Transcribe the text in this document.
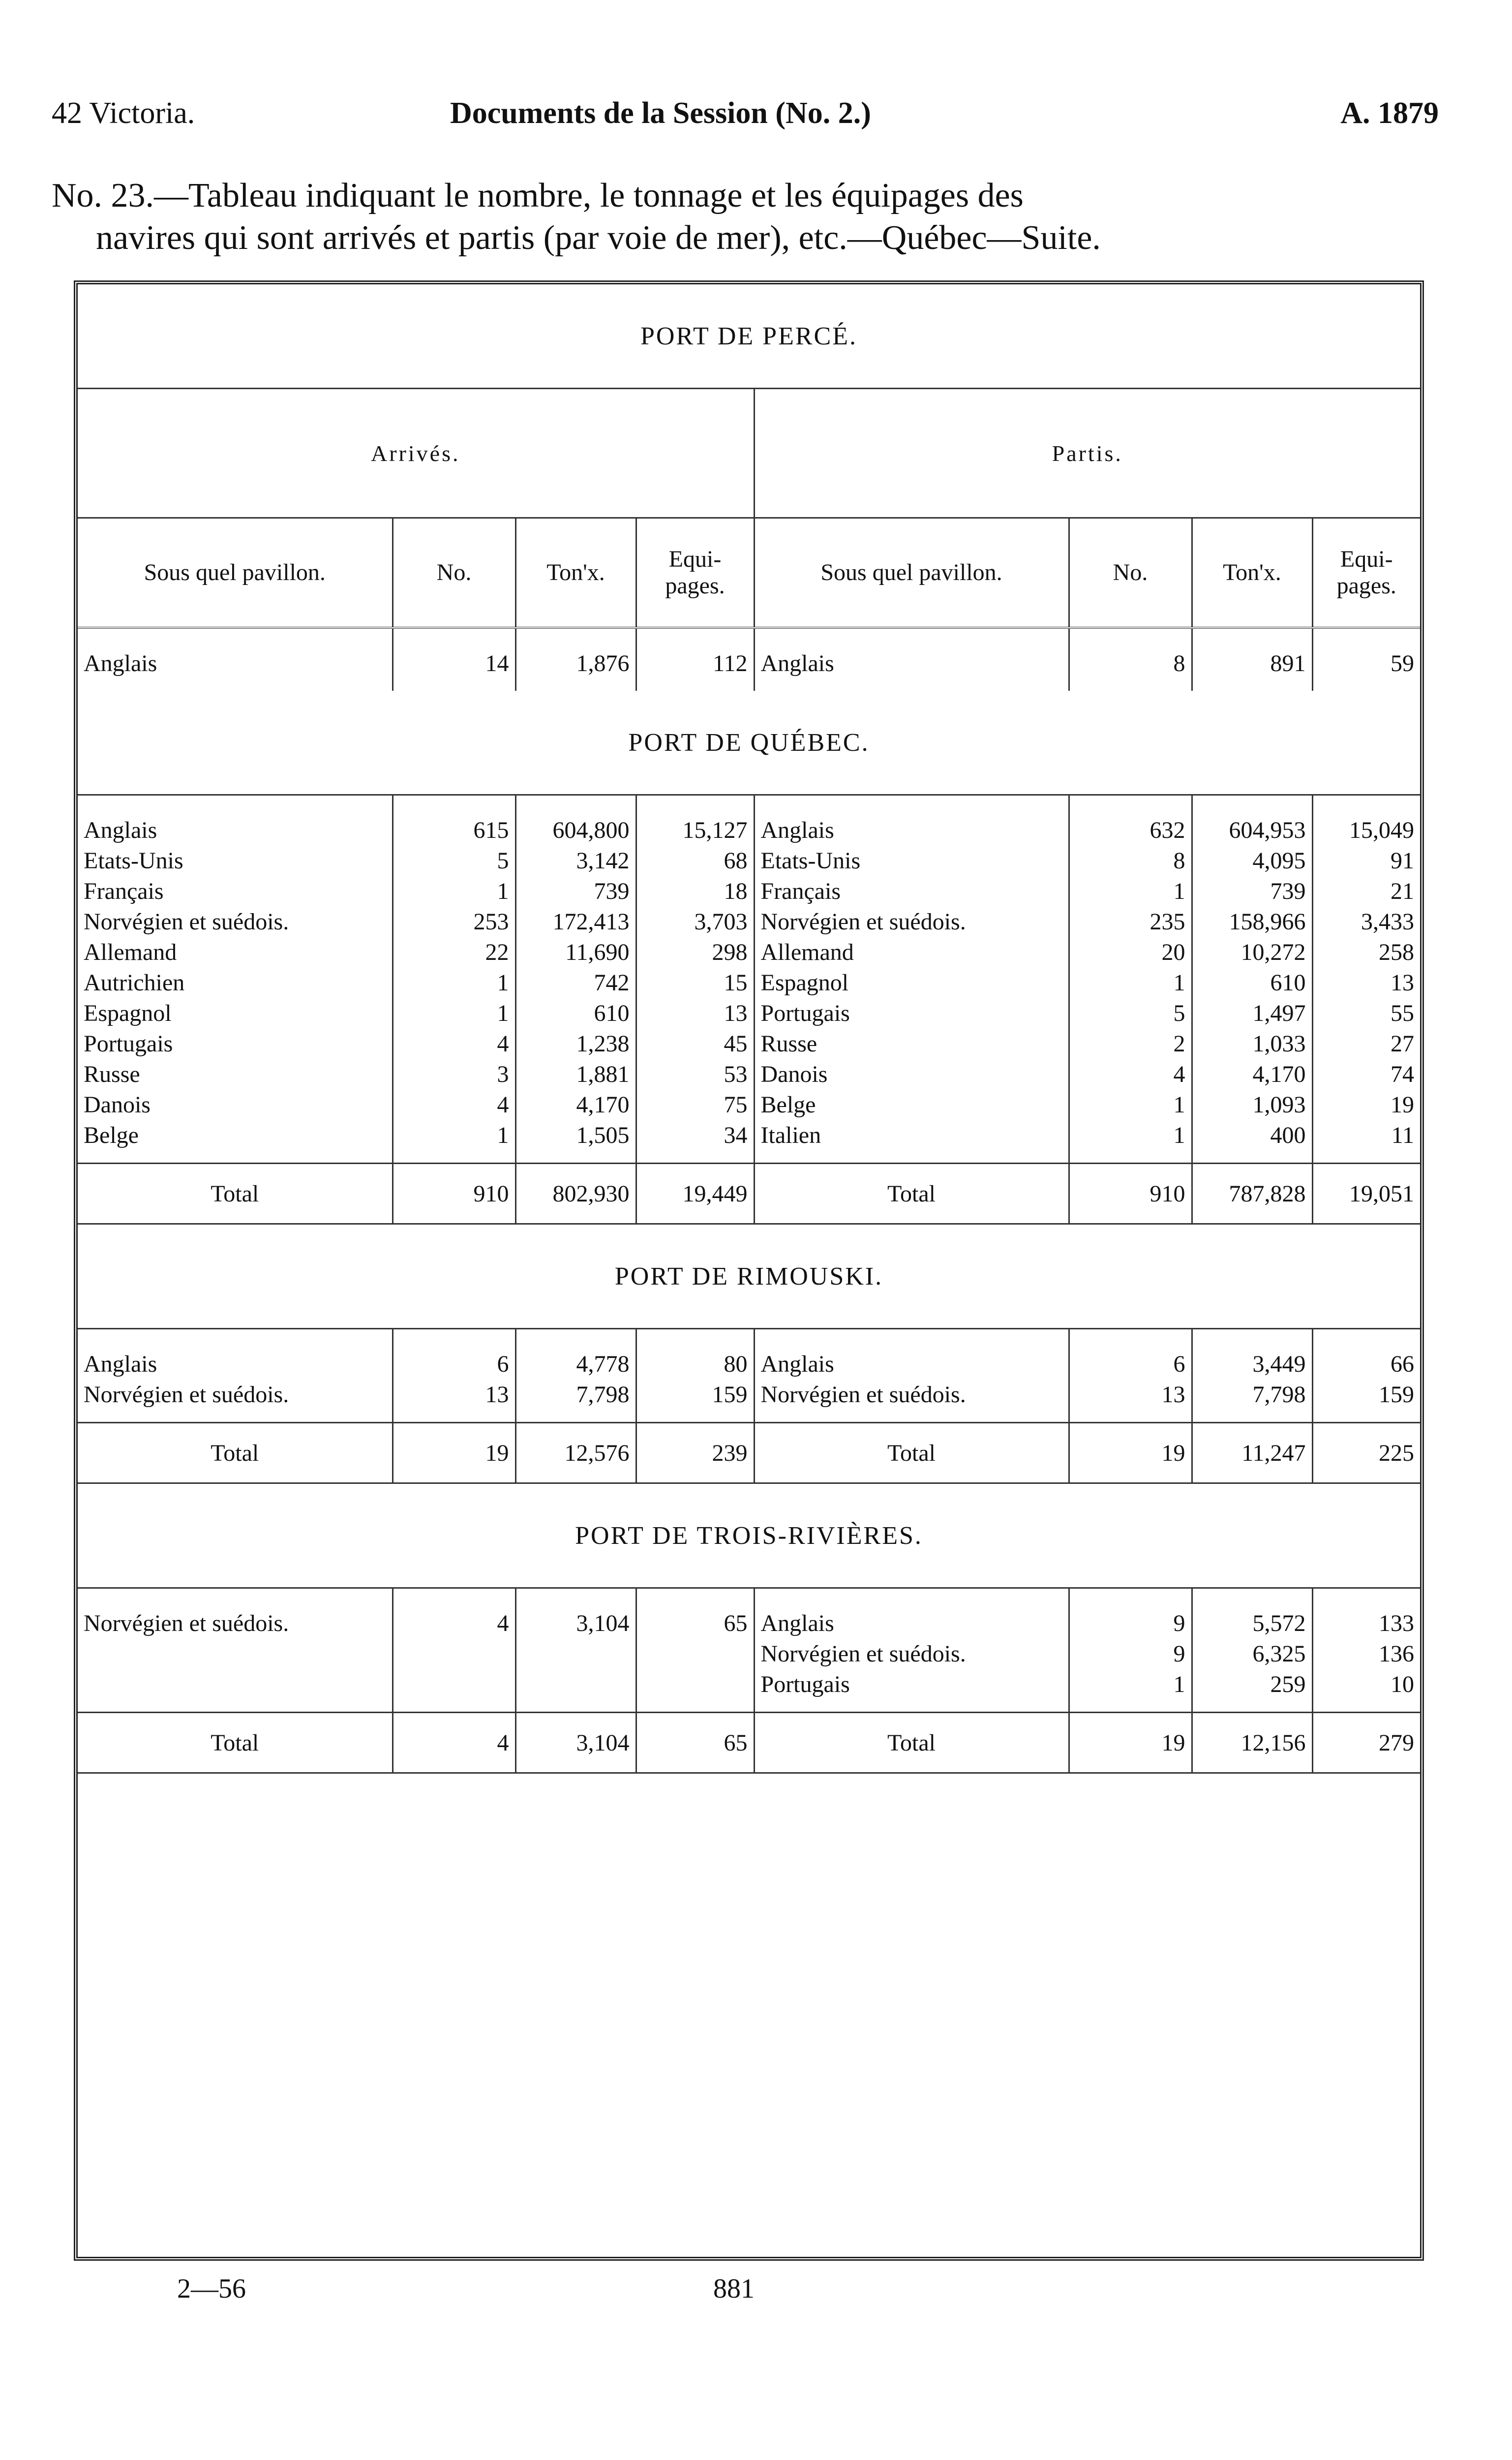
42 Victoria.	Documents de la Session (No. 2.)	A. 1879
No. 23.—Tableau indiquant le nombre, le tonnage et les équipages des
navires qui sont arrivés et partis (par voie de mer), etc.—Québec—Suite.
PORT DE PERCÉ.							
Arrivés.				Partis.			
Sous quel pavillon.	No.	Ton'x.	Equi-pages.	Sous quel pavillon.	No.	Ton'x.	Equi-pages.
Anglais	14	1,876	112	Anglais	8	891	59
PORT DE QUÉBEC.							
Anglais	615	604,800	15,127	Anglais	632	604,953	15,049
Etats-Unis	5	3,142	68	Etats-Unis	8	4,095	91
Français	1	739	18	Français	1	739	21
Norvégien et suédois.	253	172,413	3,703	Norvégien et suédois.	235	158,966	3,433
Allemand	22	11,690	298	Allemand	20	10,272	258
Autrichien	1	742	15	Espagnol	1	610	13
Espagnol	1	610	13	Portugais	5	1,497	55
Portugais	4	1,238	45	Russe	2	1,033	27
Russe	3	1,881	53	Danois	4	4,170	74
Danois	4	4,170	75	Belge	1	1,093	19
Belge	1	1,505	34	Italien	1	400	11
Total	910	802,930	19,449	Total	910	787,828	19,051
PORT DE RIMOUSKI.							
Anglais	6	4,778	80	Anglais	6	3,449	66
Norvégien et suédois.	13	7,798	159	Norvégien et suédois.	13	7,798	159
Total	19	12,576	239	Total	19	11,247	225
PORT DE TROIS-RIVIÈRES.							
Norvégien et suédois.	4	3,104	65	Anglais	9	5,572	133
				Norvégien et suédois.	9	6,325	136
				Portugais	1	259	10
Total	4	3,104	65	Total	19	12,156	279
2—56	881
